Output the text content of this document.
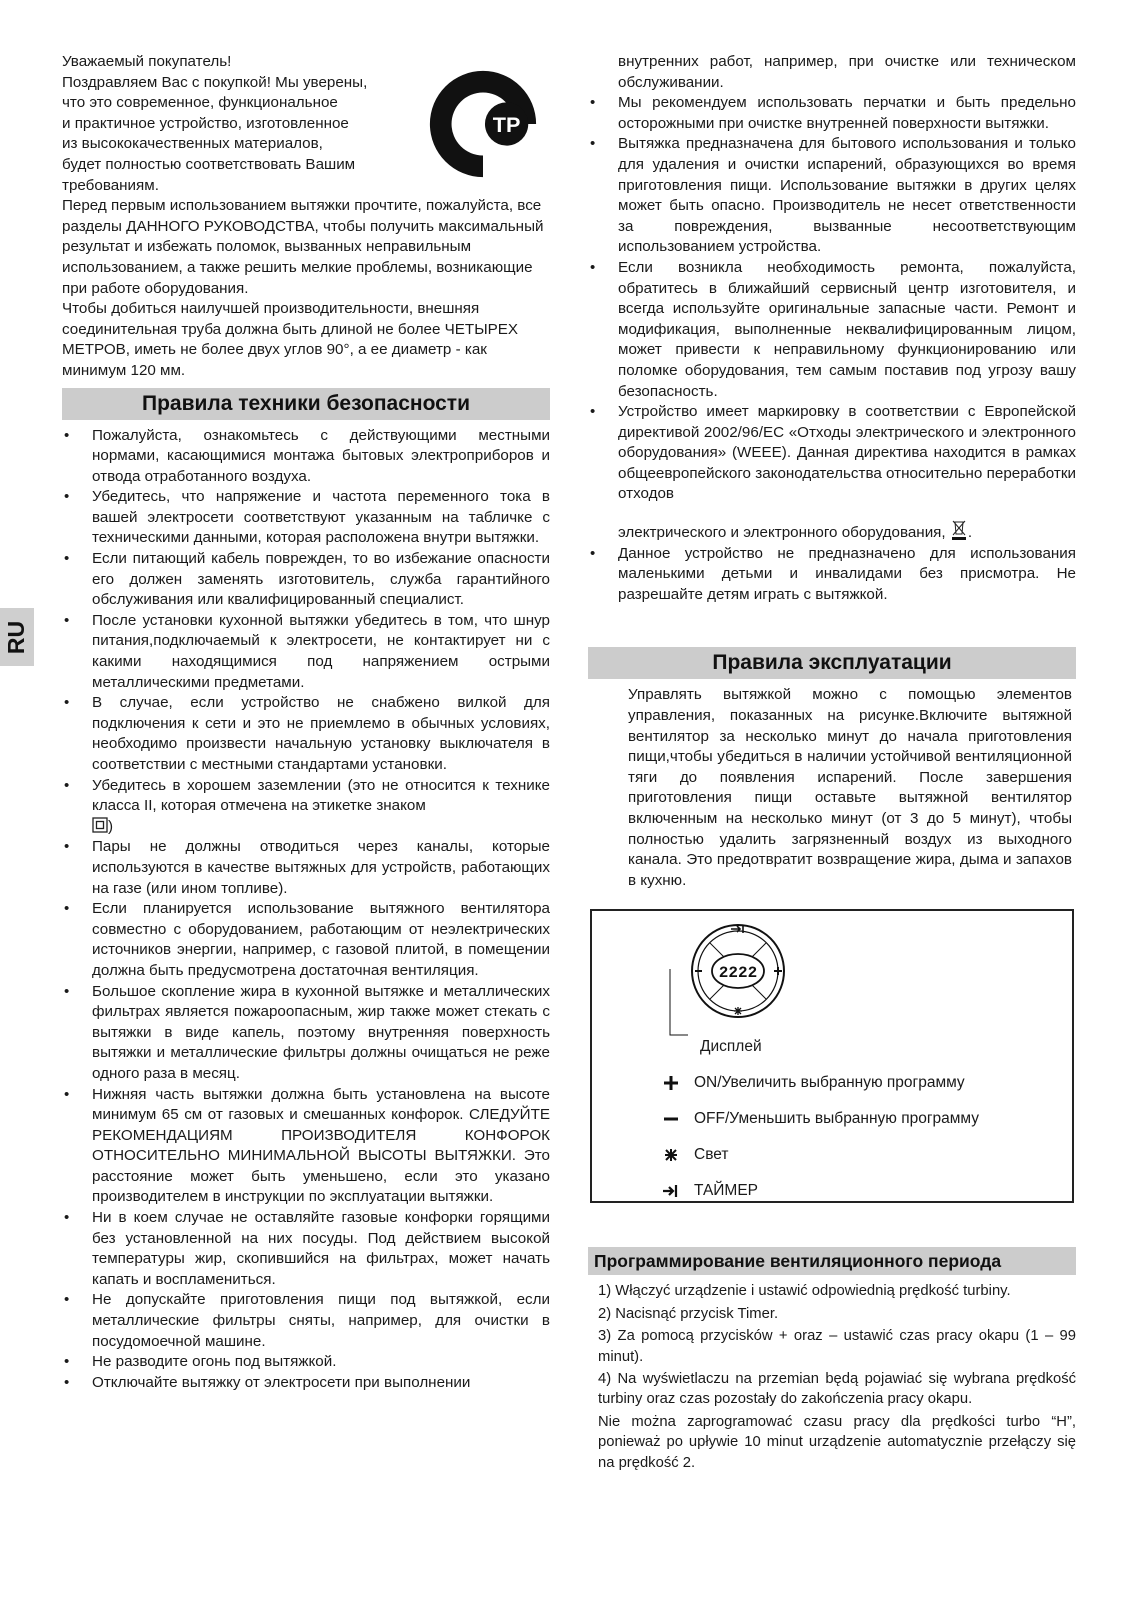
RU

Уважаемый покупатель!

Поздравляем Вас с покупкой! Мы уверены,

что это современное, функциональное

и практичное устройство, изготовленное

из высококачественных материалов,

будет полностью соответствовать Вашим

требованиям.

ТР

Перед первым использованием вытяжки прочтите, пожалуйста, все разделы ДАННОГО РУКОВОДСТВА, чтобы получить максимальный результат и избежать поломок, вызванных неправильным использованием, а также решить мелкие проблемы, возникающие при работе оборудования.

Чтобы добиться наилучшей производительности, внешняя соединительная труба должна быть длиной не более ЧЕТЫРЕХ МЕТРОВ, иметь не более двух углов 90°, а ее диаметр - как минимум 120 мм.

Правила техники безопасности
• Пожалуйста, ознакомьтесь с действующими местными нормами, касающимися монтажа бытовых электроприборов и отвода отработанного воздуха.
• Убедитесь, что напряжение и частота переменного тока в вашей электросети соответствуют указанным на табличке с техническими данными, которая расположена внутри вытяжки.
• Если питающий кабель поврежден, то во избежание опасности его должен заменять изготовитель, служба гарантийного обслуживания или квалифицированный специалист.
• После установки кухонной вытяжки убедитесь в том, что шнур питания,подключаемый к электросети, не контактирует ни с какими находящимися под напряжением острыми металлическими предметами.
• В случае, если устройство не снабжено вилкой для подключения к сети и это не приемлемо в обычных условиях, необходимо произвести начальную установку выключателя в соответствии с местными стандартами установки.
• Убедитесь в хорошем заземлении (это не относится к технике класса II, которая отмечена на этикетке знаком
)
• Пары не должны отводиться через каналы, которые используются в качестве вытяжных для устройств, работающих на газе (или ином топливе).
• Если планируется использование вытяжного вентилятора совместно с оборудованием, работающим от неэлектрических источников энергии, например, с газовой плитой, в помещении должна быть предусмотрена достаточная вентиляция.
• Большое скопление жира в кухонной вытяжке и металлических фильтрах является пожароопасным, жир также может стекать с вытяжки в виде капель, поэтому внутренняя поверхность вытяжки и металлические фильтры должны очищаться не реже одного раза в месяц.
• Нижняя часть вытяжки должна быть установлена на высоте минимум 65 см от газовых и смешанных конфорок. СЛЕДУЙТЕ РЕКОМЕНДАЦИЯМ ПРОИЗВОДИТЕЛЯ КОНФОРОК ОТНОСИТЕЛЬНО МИНИМАЛЬНОЙ ВЫСОТЫ ВЫТЯЖКИ. Это расстояние может быть уменьшено, если это указано производителем в инструкции по эксплуатации вытяжки.
• Ни в коем случае не оставляйте газовые конфорки горящими без установленной на них посуды. Под действием высокой температуры жир, скопившийся на фильтрах, может начать капать и воспламениться.
• Не допускайте приготовления пищи под вытяжкой, если металлические фильтры сняты, например, для очистки в посудомоечной машине.
• Не разводите огонь под вытяжкой.
• Отключайте вытяжку от электросети при выполнении
внутренних работ, например, при очистке или техническом обслуживании.
• Мы рекомендуем использовать перчатки и быть предельно осторожными при очистке внутренней поверхности вытяжки.
• Вытяжка предназначена для бытового использования и только для удаления и очистки испарений, образующихся во время приготовления пищи. Использование вытяжки в других целях может быть опасно. Производитель не несет ответственности за повреждения, вызванные несоответствующим использованием устройства.
• Если возникла необходимость ремонта, пожалуйста, обратитесь в ближайший сервисный центр изготовителя, и всегда используйте оригинальные запасные части. Ремонт и модификация, выполненные неквалифицированным лицом, может привести к неправильному функционированию или поломке оборудования, тем самым поставив под угрозу вашу безопасность.
• Устройство имеет маркировку в соответствии с Европейской директивой 2002/96/EC «Отходы электрического и электронного оборудования» (WEEE). Данная директива находится в рамках общеевропейского законодательства относительно переработки отходов
электрического и электронного оборудования, .
• Данное устройство не предназначено для использования маленькими детьми и инвалидами без присмотра. Не разрешайте детям играть с вытяжкой.
Правила эксплуатации
Управлять вытяжкой можно с помощью элементов управления, показанных на рисунке.Включите вытяжной вентилятор за несколько минут до начала приготовления пищи,чтобы убедиться в наличии устойчивой вентиляционной тяги до появления испарений. После завершения приготовления пищи оставьте вытяжной вентилятор включенным на несколько минут (от 3 до 5 минут), чтобы полностью удалить загрязненный воздух из выходного канала. Это предотвратит возвращение жира, дыма и запахов в кухню.
2222
Дисплей
ON/Увеличить выбранную программу
OFF/Уменьшить выбранную программу
Свет
ТАЙМЕР
Программирование вентиляционного периода

1) Włączyć urządzenie i ustawić odpowiednią prędkość turbiny.

2) Nacisnąć przycisk Timer.

3) Za pomocą przycisków + oraz – ustawić czas pracy okapu (1 – 99 minut).

4) Na wyświetlaczu na przemian będą pojawiać się wybrana prędkość turbiny oraz czas pozostały do zakończenia pracy okapu.

Nie można zaprogramować czasu pracy dla prędkości turbo “H”, ponieważ po upływie 10 minut urządzenie automatycznie przełączy się na prędkość 2.
